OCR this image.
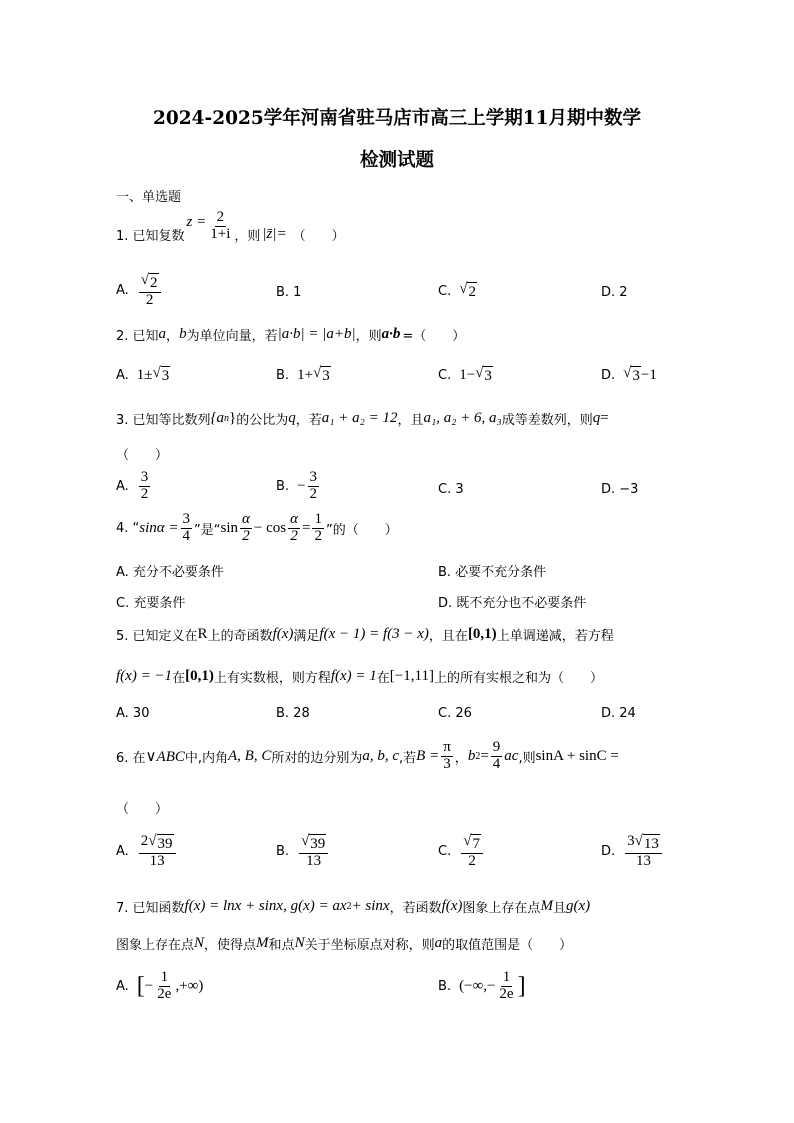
2024-2025学年河南省驻马店市高三上学期11月期中数学
检测试题
一、单选题
1. 已知复数
$z = \frac{2}{1+i}$ ，则 |z̄|= （　　）
A. $\frac{√ 2}{2}$	B. 1	C. √ 2	D. 2
2. 已知 a ， b 为单位向量，若 |a·b| = |a+b| ，则 a·b =（　　）
A. 1± √ 3	B. 1+ √ 3	C. 1− √ 3	D. √ 3 −1
3. 已知等比数列 {a n } 的公比为 q ，若 a₁ + a₂ = 12 ，且 a₁, a₂ + 6, a₃ 成等差数列，则 q =
（　　）
A. $\frac{3}{2}$	B. − $\frac{3}{2}$	C. 3	D. −3
4. “ $\sin\alpha = \frac{3}{4}$ ”是“ $\sin \frac{\alpha}{2} - \cos \frac{\alpha}{2} = \frac{1}{2}$ ”的（　　）
A. 充分不必要条件	B. 必要不充分条件
C. 充要条件	D. 既不充分也不必要条件
5. 已知定义在 R 上的奇函数 f(x) 满足 f(x − 1) = f(3 − x) ，且在 [0,1) 上单调递减，若方程
f(x) = −1 在 [0,1) 上有实数根，则方程 f(x) = 1 在 [−1,11] 上的所有实根之和为（　　）
A. 30	B. 28	C. 26	D. 24
6. 在 ∨ABC 中,内角 A, B, C 所对的边分别为 a, b, c ,若 $B = \frac{\pi}{3}$ ， b $2 = \frac{9}{4}$ ac ,则 sinA + sinC =
（　　）
A. $\frac{2 √ 39}{13}$	B. $\frac{√ 39}{13}$	C. $\frac{√ 7}{2}$	D. $\frac{3 √ 13}{13}$
7. 已知函数 f(x) = lnx + sinx, g(x) = ax 2 + sinx ，若函数 f(x) 图象上存在点 M 且 g(x)
图象上存在点 N ，使得点 M 和点 N 关于坐标原点对称，则 a 的取值范围是（　　）
A. [ − $\frac{1}{2e}$ ,+∞)	B. (−∞,− $\frac{1}{2e}$ ]
